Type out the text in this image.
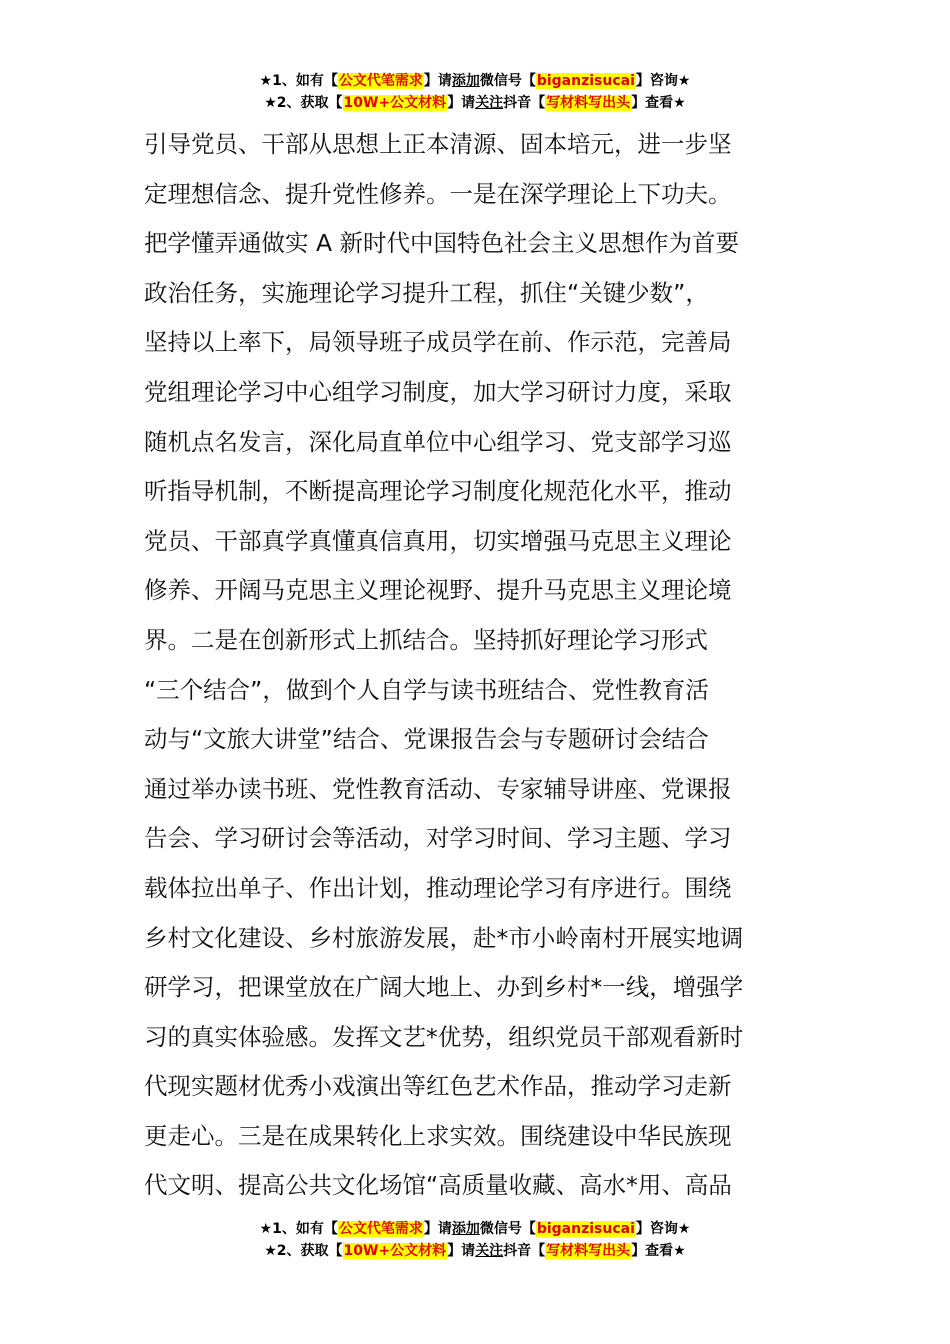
★1、如有【公文代笔需求】请添加微信号【biganzisucai】咨询★
★2、获取【10W+公文材料】请关注抖音【写材料写出头】查看★
引导党员、干部从思想上正本清源、固本培元，进一步坚
定理想信念、提升党性修养。一是在深学理论上下功夫。
把学懂弄通做实 A 新时代中国特色社会主义思想作为首要
政治任务，实施理论学习提升工程，抓住“关键少数”，
坚持以上率下，局领导班子成员学在前、作示范，完善局
党组理论学习中心组学习制度，加大学习研讨力度，采取
随机点名发言，深化局直单位中心组学习、党支部学习巡
听指导机制，不断提高理论学习制度化规范化水平，推动
党员、干部真学真懂真信真用，切实增强马克思主义理论
修养、开阔马克思主义理论视野、提升马克思主义理论境
界。二是在创新形式上抓结合。坚持抓好理论学习形式
“三个结合”，做到个人自学与读书班结合、党性教育活
动与“文旅大讲堂”结合、党课报告会与专题研讨会结合
通过举办读书班、党性教育活动、专家辅导讲座、党课报
告会、学习研讨会等活动，对学习时间、学习主题、学习
载体拉出单子、作出计划，推动理论学习有序进行。围绕
乡村文化建设、乡村旅游发展，赴*市小岭南村开展实地调
研学习，把课堂放在广阔大地上、办到乡村*一线，增强学
习的真实体验感。发挥文艺*优势，组织党员干部观看新时
代现实题材优秀小戏演出等红色艺术作品，推动学习走新
更走心。三是在成果转化上求实效。围绕建设中华民族现
代文明、提高公共文化场馆“高质量收藏、高水*用、高品
★1、如有【公文代笔需求】请添加微信号【biganzisucai】咨询★
★2、获取【10W+公文材料】请关注抖音【写材料写出头】查看★
